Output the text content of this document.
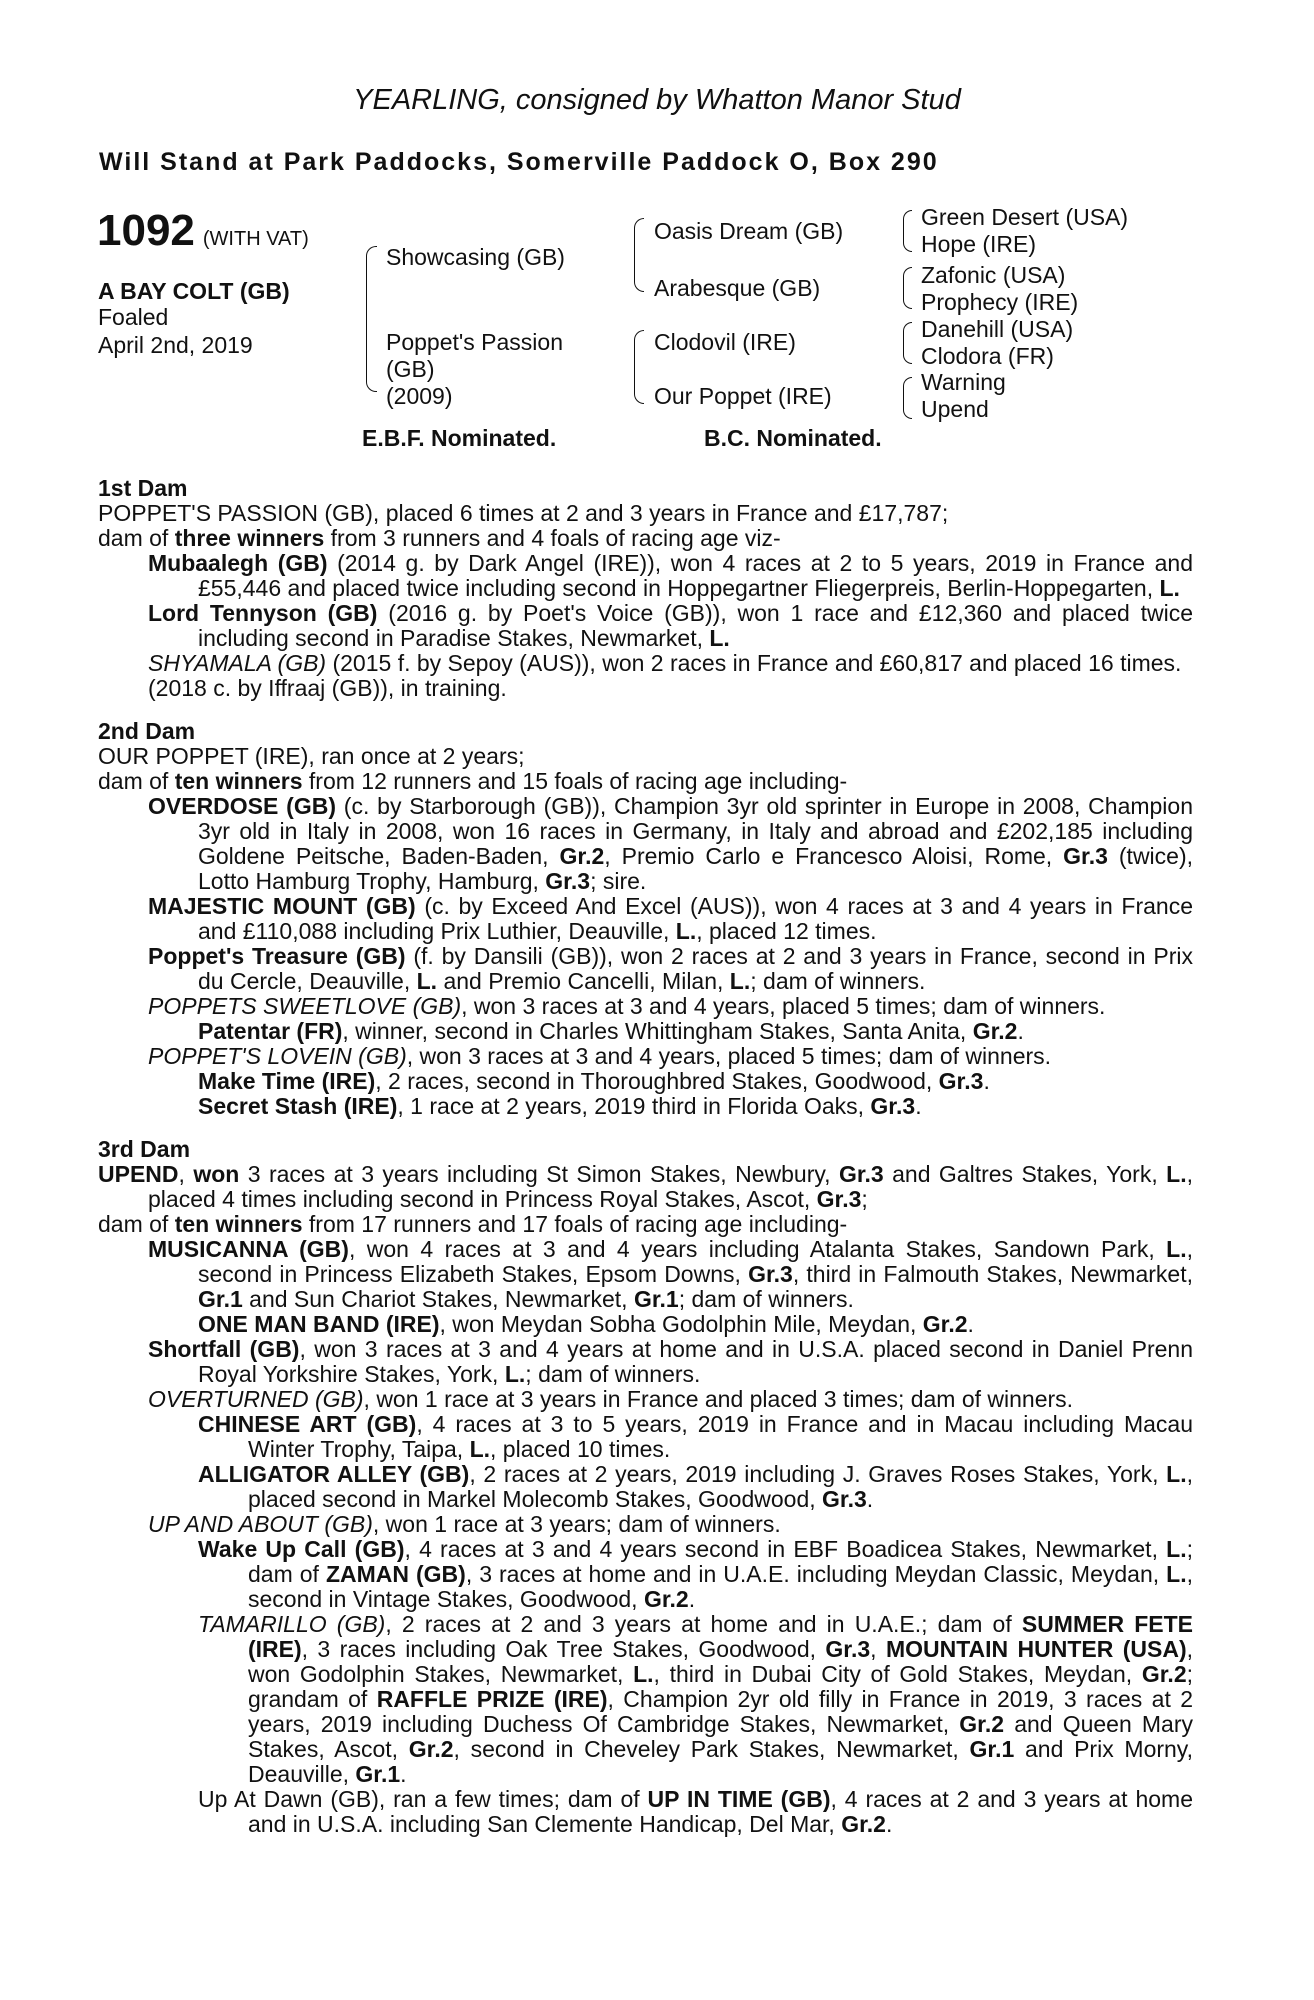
YEARLING, consigned by Whatton Manor Stud
Will Stand at Park Paddocks, Somerville Paddock O, Box 290
1092 (WITH VAT)
A BAY COLT (GB)
Foaled
April 2nd, 2019
Showcasing (GB)
Poppet's Passion
(GB)
(2009)
Oasis Dream (GB)
Arabesque (GB)
Clodovil (IRE)
Our Poppet (IRE)
Green Desert (USA)
Hope (IRE)
Zafonic (USA)
Prophecy (IRE)
Danehill (USA)
Clodora (FR)
Warning
Upend
E.B.F. Nominated.	B.C. Nominated.
1st Dam

POPPET'S PASSION (GB), placed 6 times at 2 and 3 years in France and £17,787;

dam of three winners from 3 runners and 4 foals of racing age viz-

Mubaalegh (GB) (2014 g. by Dark Angel (IRE)), won 4 races at 2 to 5 years, 2019 in France and £55,446 and placed twice including second in Hoppegartner Fliegerpreis, Berlin-Hoppegarten, L.

Lord Tennyson (GB) (2016 g. by Poet's Voice (GB)), won 1 race and £12,360 and placed twice including second in Paradise Stakes, Newmarket, L.

SHYAMALA (GB) (2015 f. by Sepoy (AUS)), won 2 races in France and £60,817 and placed 16 times.

(2018 c. by Iffraaj (GB)), in training.

2nd Dam

OUR POPPET (IRE), ran once at 2 years;

dam of ten winners from 12 runners and 15 foals of racing age including-

OVERDOSE (GB) (c. by Starborough (GB)), Champion 3yr old sprinter in Europe in 2008, Champion 3yr old in Italy in 2008, won 16 races in Germany, in Italy and abroad and £202,185 including Goldene Peitsche, Baden-Baden, Gr.2, Premio Carlo e Francesco Aloisi, Rome, Gr.3 (twice), Lotto Hamburg Trophy, Hamburg, Gr.3; sire.

MAJESTIC MOUNT (GB) (c. by Exceed And Excel (AUS)), won 4 races at 3 and 4 years in France and £110,088 including Prix Luthier, Deauville, L., placed 12 times.

Poppet's Treasure (GB) (f. by Dansili (GB)), won 2 races at 2 and 3 years in France, second in Prix du Cercle, Deauville, L. and Premio Cancelli, Milan, L.; dam of winners.

POPPETS SWEETLOVE (GB), won 3 races at 3 and 4 years, placed 5 times; dam of winners.

Patentar (FR), winner, second in Charles Whittingham Stakes, Santa Anita, Gr.2.

POPPET'S LOVEIN (GB), won 3 races at 3 and 4 years, placed 5 times; dam of winners.

Make Time (IRE), 2 races, second in Thoroughbred Stakes, Goodwood, Gr.3.

Secret Stash (IRE), 1 race at 2 years, 2019 third in Florida Oaks, Gr.3.

3rd Dam

UPEND, won 3 races at 3 years including St Simon Stakes, Newbury, Gr.3 and Galtres Stakes, York, L., placed 4 times including second in Princess Royal Stakes, Ascot, Gr.3;

dam of ten winners from 17 runners and 17 foals of racing age including-

MUSICANNA (GB), won 4 races at 3 and 4 years including Atalanta Stakes, Sandown Park, L., second in Princess Elizabeth Stakes, Epsom Downs, Gr.3, third in Falmouth Stakes, Newmarket, Gr.1 and Sun Chariot Stakes, Newmarket, Gr.1; dam of winners.

ONE MAN BAND (IRE), won Meydan Sobha Godolphin Mile, Meydan, Gr.2.

Shortfall (GB), won 3 races at 3 and 4 years at home and in U.S.A. placed second in Daniel Prenn Royal Yorkshire Stakes, York, L.; dam of winners.

OVERTURNED (GB), won 1 race at 3 years in France and placed 3 times; dam of winners.

CHINESE ART (GB), 4 races at 3 to 5 years, 2019 in France and in Macau including Macau Winter Trophy, Taipa, L., placed 10 times.

ALLIGATOR ALLEY (GB), 2 races at 2 years, 2019 including J. Graves Roses Stakes, York, L., placed second in Markel Molecomb Stakes, Goodwood, Gr.3.

UP AND ABOUT (GB), won 1 race at 3 years; dam of winners.

Wake Up Call (GB), 4 races at 3 and 4 years second in EBF Boadicea Stakes, Newmarket, L.; dam of ZAMAN (GB), 3 races at home and in U.A.E. including Meydan Classic, Meydan, L., second in Vintage Stakes, Goodwood, Gr.2.

TAMARILLO (GB), 2 races at 2 and 3 years at home and in U.A.E.; dam of SUMMER FETE (IRE), 3 races including Oak Tree Stakes, Goodwood, Gr.3, MOUNTAIN HUNTER (USA), won Godolphin Stakes, Newmarket, L., third in Dubai City of Gold Stakes, Meydan, Gr.2; grandam of RAFFLE PRIZE (IRE), Champion 2yr old filly in France in 2019, 3 races at 2 years, 2019 including Duchess Of Cambridge Stakes, Newmarket, Gr.2 and Queen Mary Stakes, Ascot, Gr.2, second in Cheveley Park Stakes, Newmarket, Gr.1 and Prix Morny, Deauville, Gr.1.

Up At Dawn (GB), ran a few times; dam of UP IN TIME (GB), 4 races at 2 and 3 years at home and in U.S.A. including San Clemente Handicap, Del Mar, Gr.2.
